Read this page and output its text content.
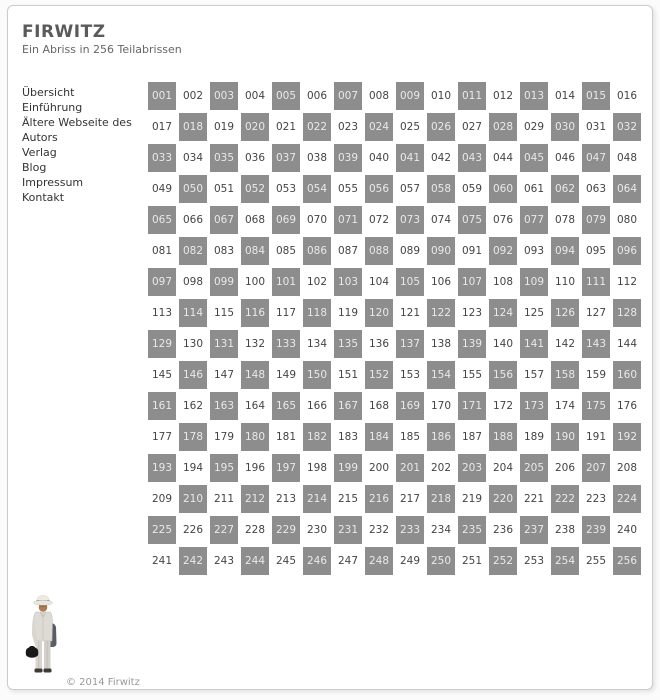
FIRWITZ

Ein Abriss in 256 Teilabrissen

Übersicht
Einführung
Ältere Webseite des Autors
Verlag
Blog
Impressum
Kontakt
001	002	003	004	005	006	007	008	009	010	011	012	013	014	015	016
017	018	019	020	021	022	023	024	025	026	027	028	029	030	031	032
033	034	035	036	037	038	039	040	041	042	043	044	045	046	047	048
049	050	051	052	053	054	055	056	057	058	059	060	061	062	063	064
065	066	067	068	069	070	071	072	073	074	075	076	077	078	079	080
081	082	083	084	085	086	087	088	089	090	091	092	093	094	095	096
097	098	099	100	101	102	103	104	105	106	107	108	109	110	111	112
113	114	115	116	117	118	119	120	121	122	123	124	125	126	127	128
129	130	131	132	133	134	135	136	137	138	139	140	141	142	143	144
145	146	147	148	149	150	151	152	153	154	155	156	157	158	159	160
161	162	163	164	165	166	167	168	169	170	171	172	173	174	175	176
177	178	179	180	181	182	183	184	185	186	187	188	189	190	191	192
193	194	195	196	197	198	199	200	201	202	203	204	205	206	207	208
209	210	211	212	213	214	215	216	217	218	219	220	221	222	223	224
225	226	227	228	229	230	231	232	233	234	235	236	237	238	239	240
241	242	243	244	245	246	247	248	249	250	251	252	253	254	255	256
© 2014 Firwitz
